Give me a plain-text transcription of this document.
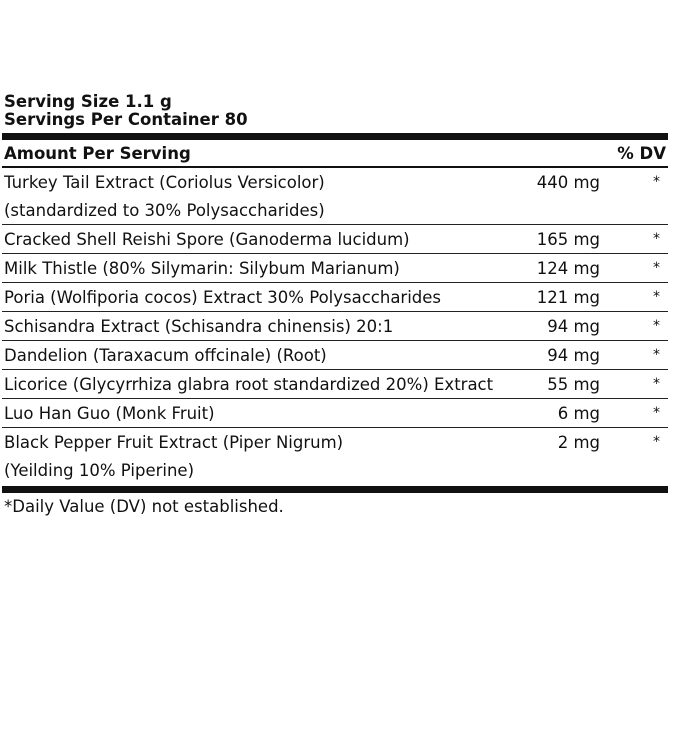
Serving Size 1.1 g
Servings Per Container 80
Amount Per Serving	% DV
Turkey Tail Extract (Coriolus Versicolor)	440 mg	*
(standardized to 30% Polysaccharides)
Cracked Shell Reishi Spore (Ganoderma lucidum)	165 mg	*
Milk Thistle (80% Silymarin: Silybum Marianum)	124 mg	*
Poria (Wolfiporia cocos) Extract 30% Polysaccharides	121 mg	*
Schisandra Extract (Schisandra chinensis) 20:1	94 mg	*
Dandelion (Taraxacum offcinale) (Root)	94 mg	*
Licorice (Glycyrrhiza glabra root standardized 20%) Extract	55 mg	*
Luo Han Guo (Monk Fruit)	6 mg	*
Black Pepper Fruit Extract (Piper Nigrum)	2 mg	*
(Yeilding 10% Piperine)
*Daily Value (DV) not established.
